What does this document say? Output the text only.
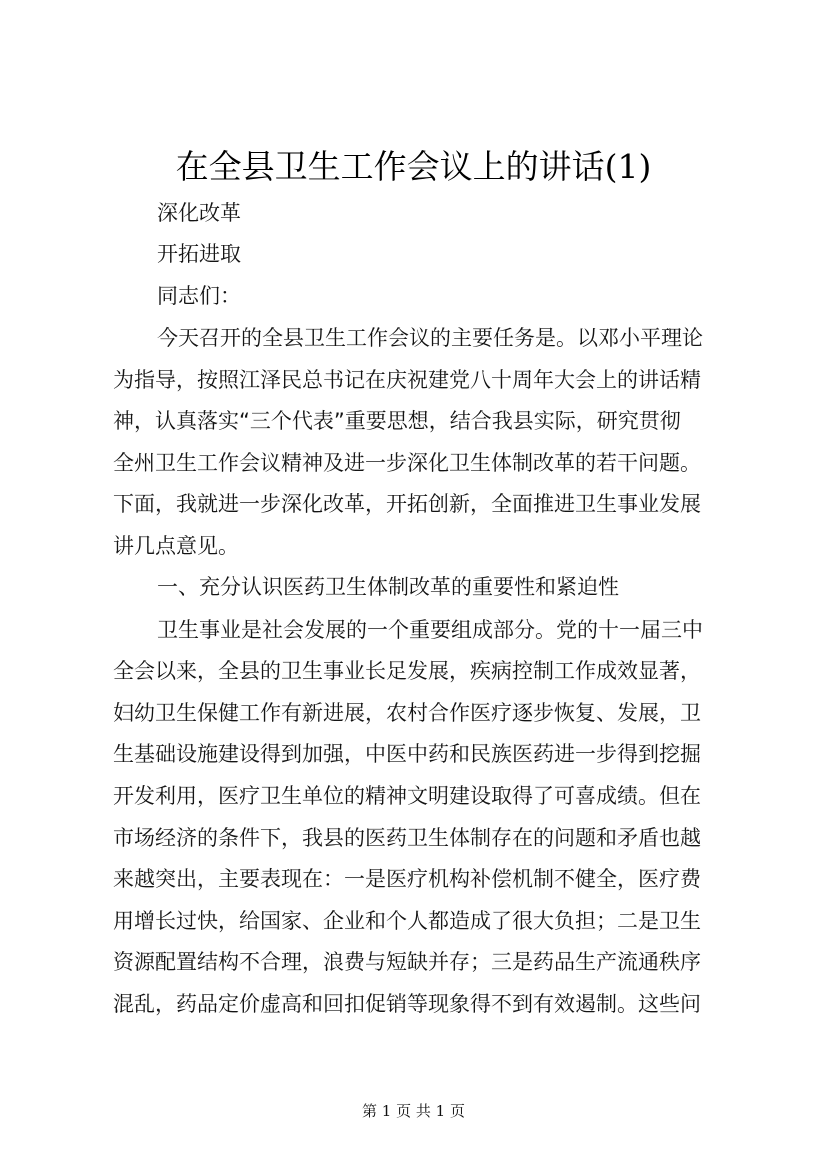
在全县卫生工作会议上的讲话(1)
深化改革
开拓进取
同志们：
今天召开的全县卫生工作会议的主要任务是。以邓小平理论
为指导，按照江泽民总书记在庆祝建党八十周年大会上的讲话精
神，认真落实“三个代表”重要思想，结合我县实际，研究贯彻
全州卫生工作会议精神及进一步深化卫生体制改革的若干问题。
下面，我就进一步深化改革，开拓创新，全面推进卫生事业发展
讲几点意见。
一、充分认识医药卫生体制改革的重要性和紧迫性
卫生事业是社会发展的一个重要组成部分。党的十一届三中
全会以来，全县的卫生事业长足发展，疾病控制工作成效显著，
妇幼卫生保健工作有新进展，农村合作医疗逐步恢复、发展，卫
生基础设施建设得到加强，中医中药和民族医药进一步得到挖掘
开发利用，医疗卫生单位的精神文明建设取得了可喜成绩。但在
市场经济的条件下，我县的医药卫生体制存在的问题和矛盾也越
来越突出，主要表现在：一是医疗机构补偿机制不健全，医疗费
用增长过快，给国家、企业和个人都造成了很大负担；二是卫生
资源配置结构不合理，浪费与短缺并存；三是药品生产流通秩序
混乱，药品定价虚高和回扣促销等现象得不到有效遏制。这些问
第 1 页 共 1 页
